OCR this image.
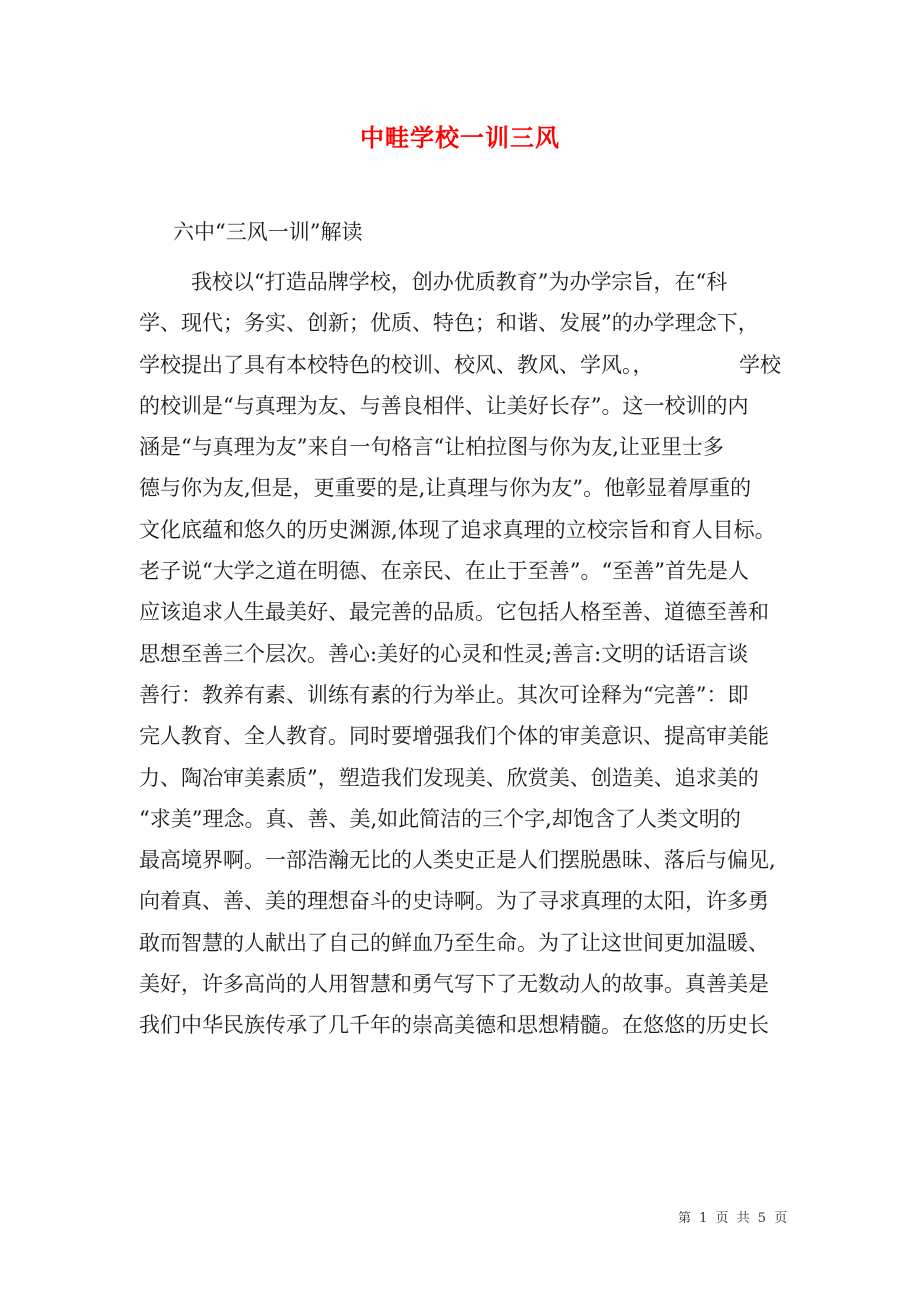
中畦学校一训三风
六中“三风一训”解读
我校以“打造品牌学校，创办优质教育”为办学宗旨，在“科
学、现代；务实、创新；优质、特色；和谐、发展”的办学理念下，
学校提出了具有本校特色的校训、校风、教风、学风。，	学校
的校训是“与真理为友、与善良相伴、让美好长存”。这一校训的内
涵是“与真理为友”来自一句格言“让柏拉图与你为友,让亚里士多
德与你为友,但是，更重要的是,让真理与你为友”。他彰显着厚重的
文化底蕴和悠久的历史渊源,体现了追求真理的立校宗旨和育人目标。
老子说“大学之道在明德、在亲民、在止于至善”。“至善”首先是人
应该追求人生最美好、最完善的品质。它包括人格至善、道德至善和
思想至善三个层次。善心:美好的心灵和性灵;善言:文明的话语言谈
善行：教养有素、训练有素的行为举止。其次可诠释为“完善”：即
完人教育、全人教育。同时要增强我们个体的审美意识、提高审美能
力、陶冶审美素质”，塑造我们发现美、欣赏美、创造美、追求美的
“求美”理念。真、善、美,如此简洁的三个字,却饱含了人类文明的
最高境界啊。一部浩瀚无比的人类史正是人们摆脱愚昧、落后与偏见,
向着真、善、美的理想奋斗的史诗啊。为了寻求真理的太阳，许多勇
敢而智慧的人献出了自己的鲜血乃至生命。为了让这世间更加温暖、
美好，许多高尚的人用智慧和勇气写下了无数动人的故事。真善美是
我们中华民族传承了几千年的崇高美德和思想精髓。在悠悠的历史长
第 1 页 共 5 页
